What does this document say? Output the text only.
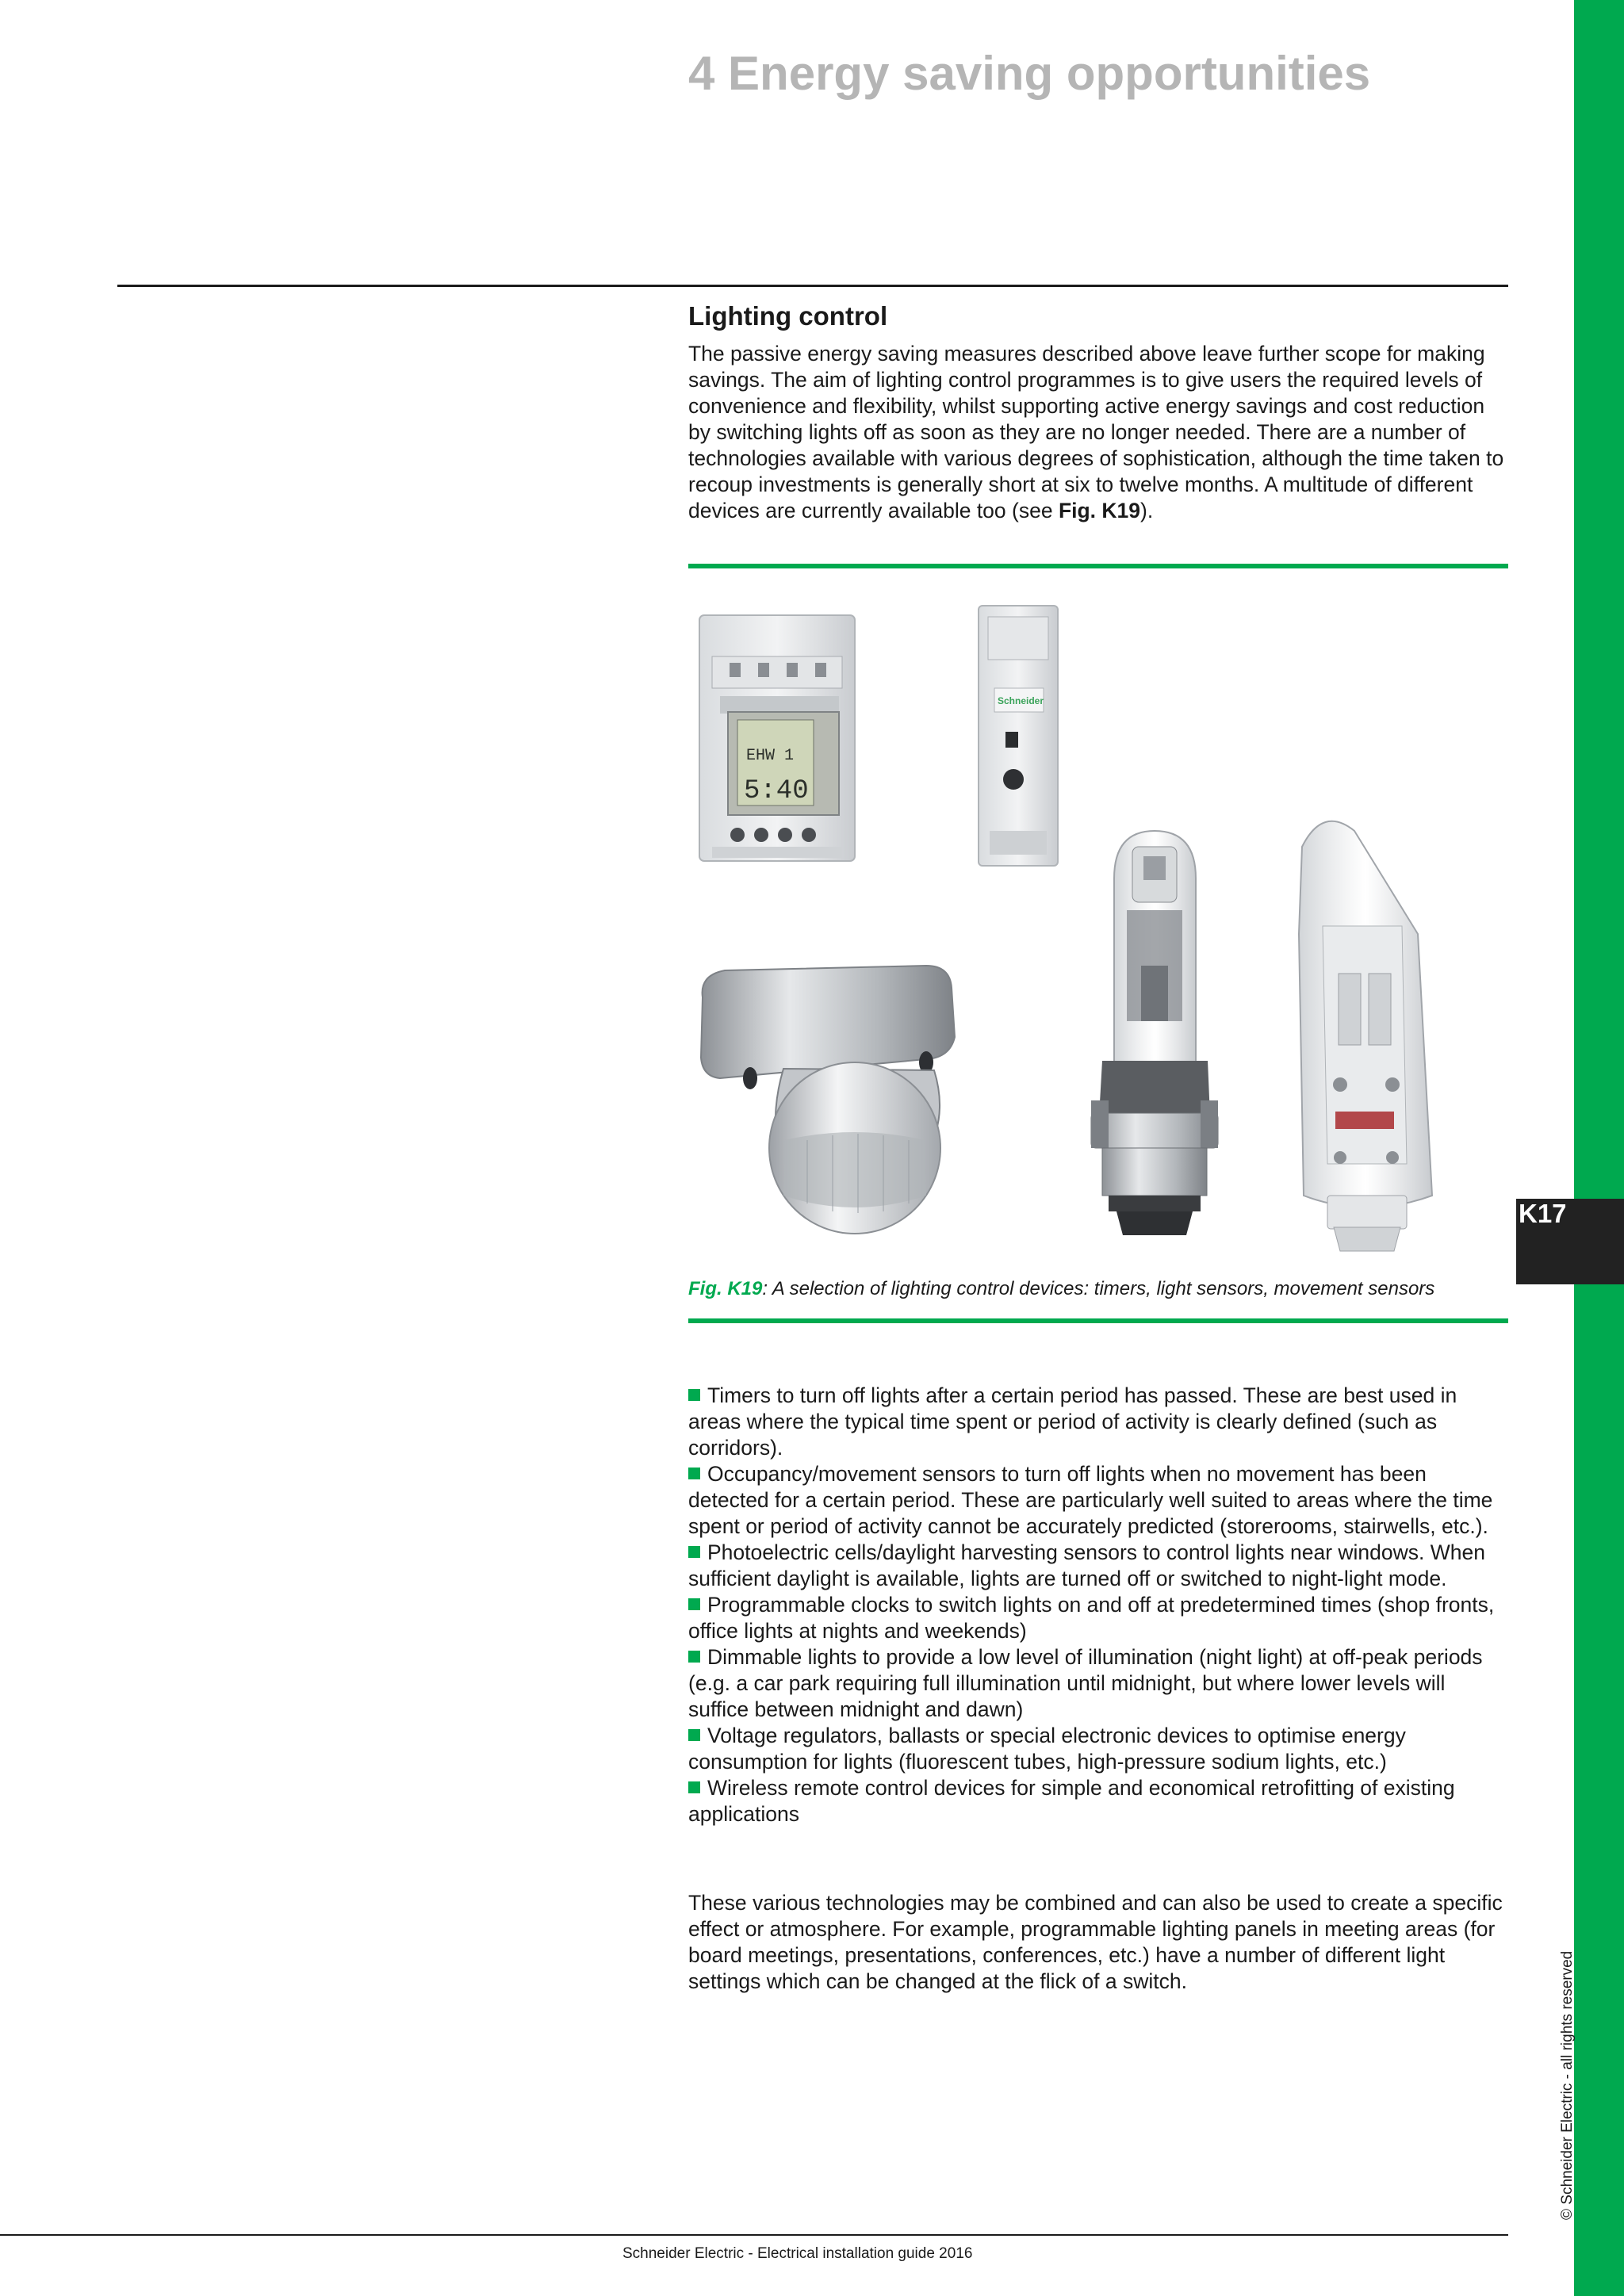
4 Energy saving opportunities
Lighting control

The passive energy saving measures described above leave further scope for making savings. The aim of lighting control programmes is to give users the required levels of convenience and flexibility, whilst supporting active energy savings and cost reduction by switching lights off as soon as they are no longer needed. There are a number of technologies available with various degrees of sophistication, although the time taken to recoup investments is generally short at six to twelve months. A multitude of different devices are currently available too (see Fig. K19).

EHW 1
5:40
Schneider

Fig. K19: A selection of lighting control devices: timers, light sensors, movement sensors

Timers to turn off lights after a certain period has passed. These are best used in areas where the typical time spent or period of activity is clearly defined (such as corridors).
Occupancy/movement sensors to turn off lights when no movement has been detected for a certain period. These are particularly well suited to areas where the time spent or period of activity cannot be accurately predicted (storerooms, stairwells, etc.).
Photoelectric cells/daylight harvesting sensors to control lights near windows. When sufficient daylight is available, lights are turned off or switched to night-light mode.
Programmable clocks to switch lights on and off at predetermined times (shop fronts, office lights at nights and weekends)
Dimmable lights to provide a low level of illumination (night light) at off-peak periods (e.g. a car park requiring full illumination until midnight, but where lower levels will suffice between midnight and dawn)
Voltage regulators, ballasts or special electronic devices to optimise energy consumption for lights (fluorescent tubes, high-pressure sodium lights, etc.)
Wireless remote control devices for simple and economical retrofitting of existing applications

These various technologies may be combined and can also be used to create a specific effect or atmosphere. For example, programmable lighting panels in meeting areas (for board meetings, presentations, conferences, etc.) have a number of different light settings which can be changed at the flick of a switch.

K17
© Schneider Electric - all rights reserved

Schneider Electric - Electrical installation guide 2016
